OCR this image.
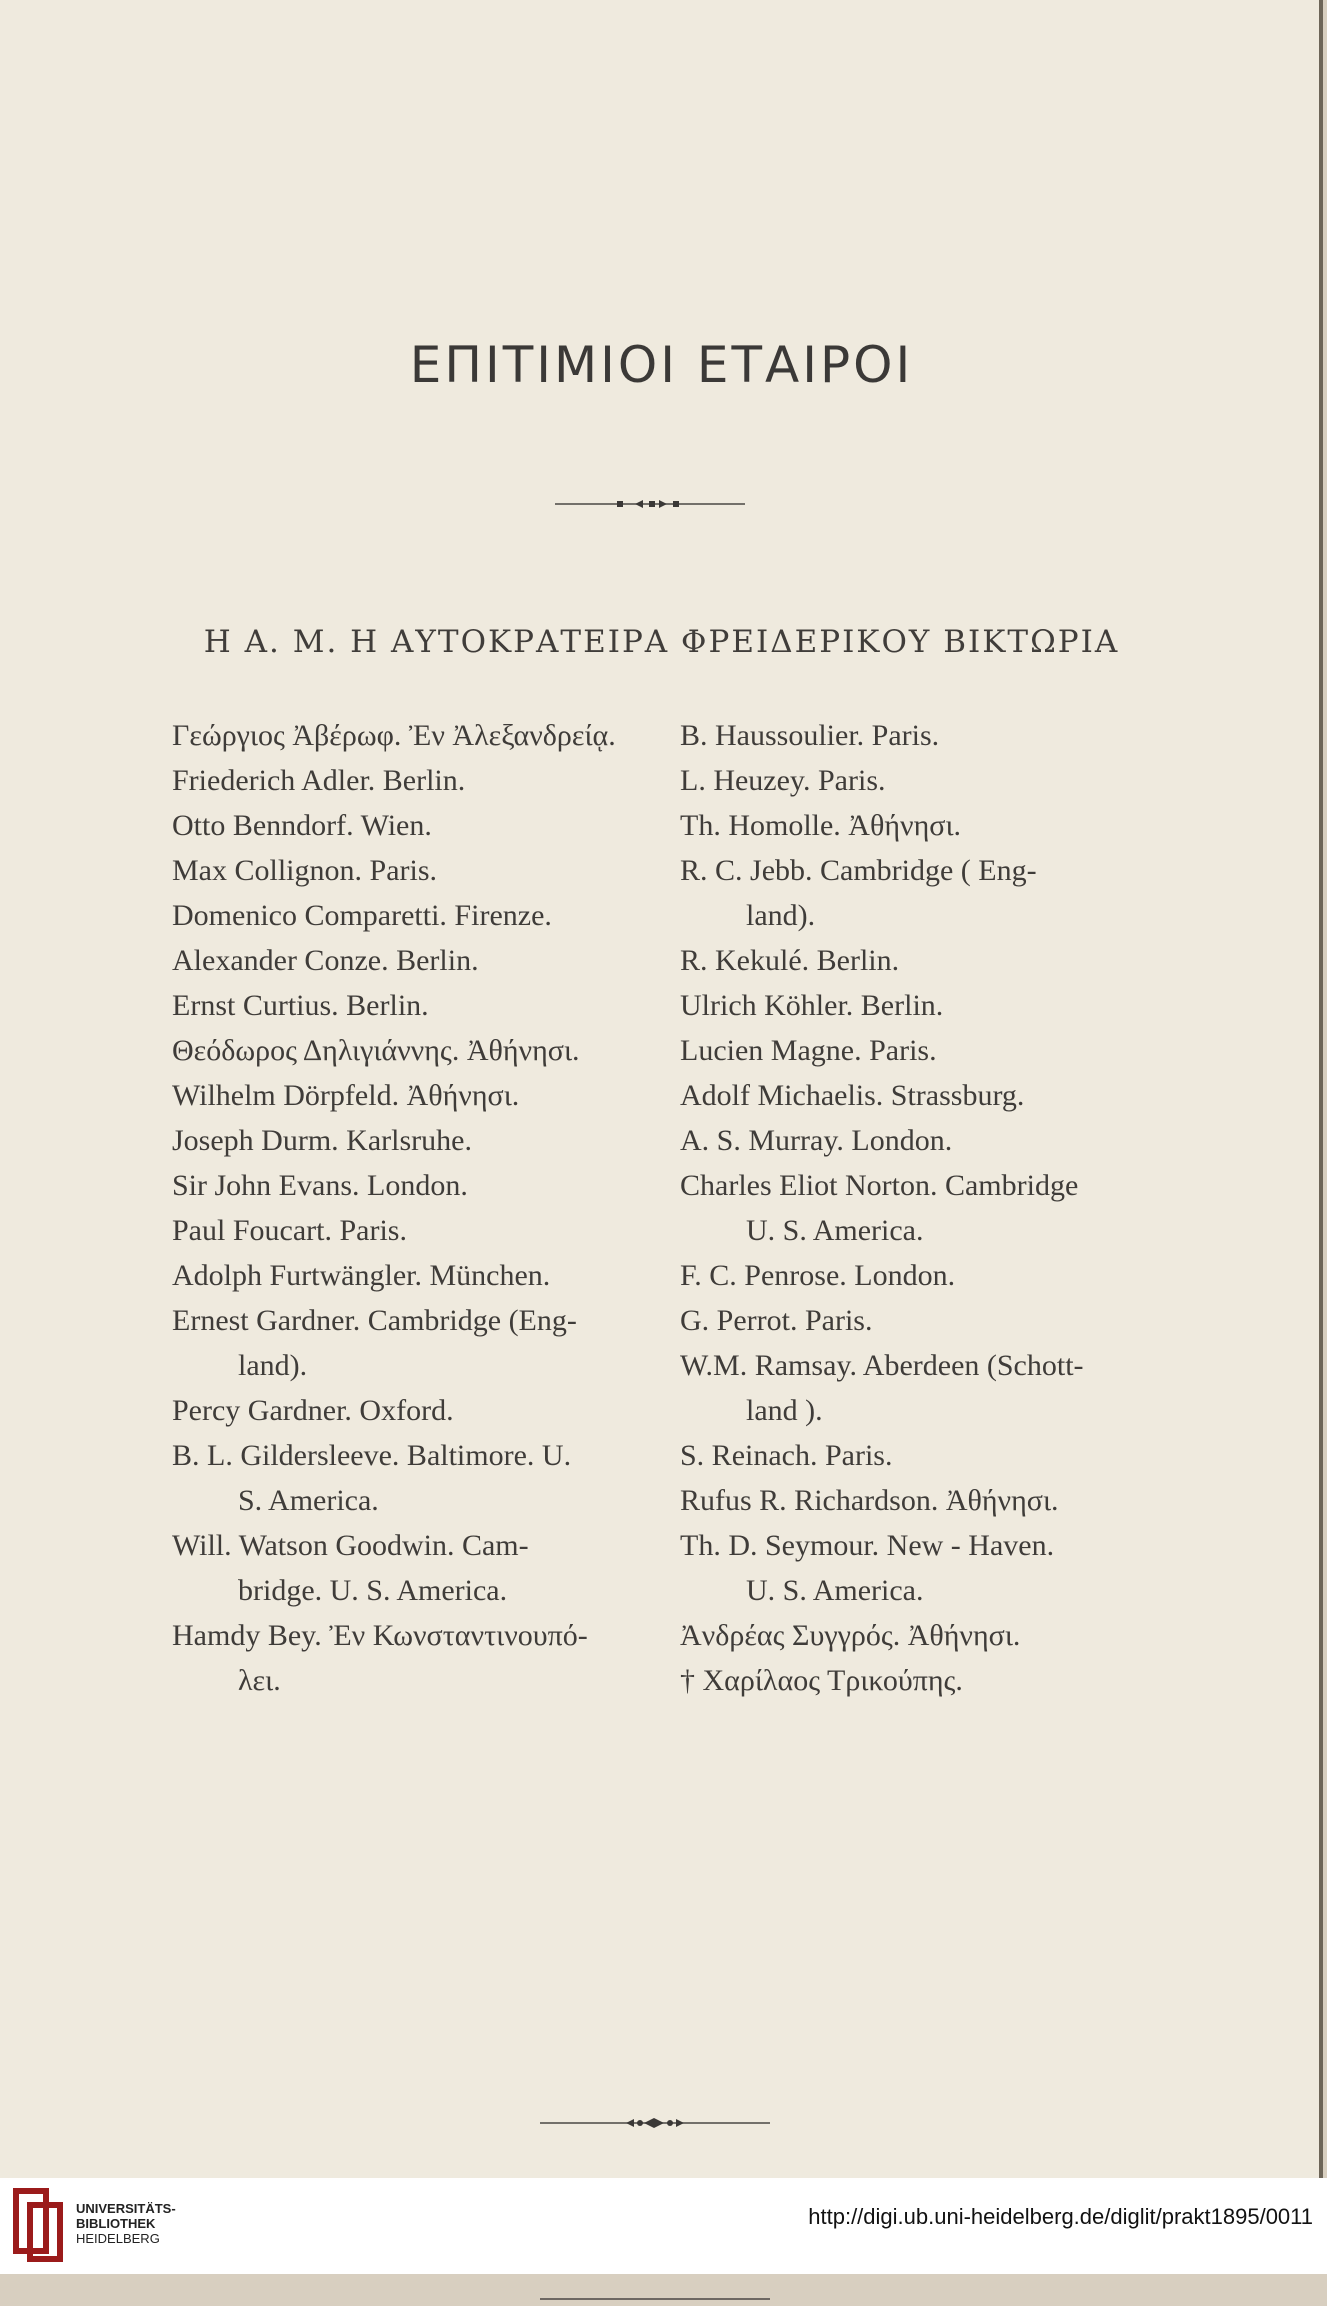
ΕΠΙΤΙΜΙΟΙ ΕΤΑΙΡΟΙ
Η Α. Μ. Η ΑΥΤΟΚΡΑΤΕΙΡΑ ΦΡΕΙΔΕΡΙΚΟΥ ΒΙΚΤΩΡΙΑ
Γεώργιος Ἀβέρωφ. Ἐν Ἀλεξανδρείᾳ.
Friederich Adler. Berlin.
Otto Benndorf. Wien.
Max Collignon. Paris.
Domenico Comparetti. Firenze.
Alexander Conze. Berlin.
Ernst Curtius. Berlin.
Θεόδωρος Δηλιγιάννης. Ἀθήνησι.
Wilhelm Dörpfeld. Ἀθήνησι.
Joseph Durm. Karlsruhe.
Sir John Evans. London.
Paul Foucart. Paris.
Adolph Furtwängler. München.
Ernest Gardner. Cambridge (Eng-
land).
Percy Gardner. Oxford.
B. L. Gildersleeve. Baltimore. U.
S. America.
Will. Watson Goodwin. Cam-
bridge. U. S. America.
Hamdy Bey. Ἐν Κωνσταντινουπό-
λει.
B. Haussoulier. Paris.
L. Heuzey. Paris.
Th. Homolle. Ἀθήνησι.
R. C. Jebb. Cambridge ( Eng-
land).
R. Kekulé. Berlin.
Ulrich Köhler. Berlin.
Lucien Magne. Paris.
Adolf Michaelis. Strassburg.
A. S. Murray. London.
Charles Eliot Norton. Cambridge
U. S. America.
F. C. Penrose. London.
G. Perrot. Paris.
W.M. Ramsay. Aberdeen (Schott-
land ).
S. Reinach. Paris.
Rufus R. Richardson. Ἀθήνησι.
Th. D. Seymour. New - Haven.
U. S. America.
Ἀνδρέας Συγγρός. Ἀθήνησι.
† Χαρίλαος Τρικούπης.
UNIVERSITÄTS-
BIBLIOTHEK
HEIDELBERG
http://digi.ub.uni-heidelberg.de/diglit/prakt1895/0011
